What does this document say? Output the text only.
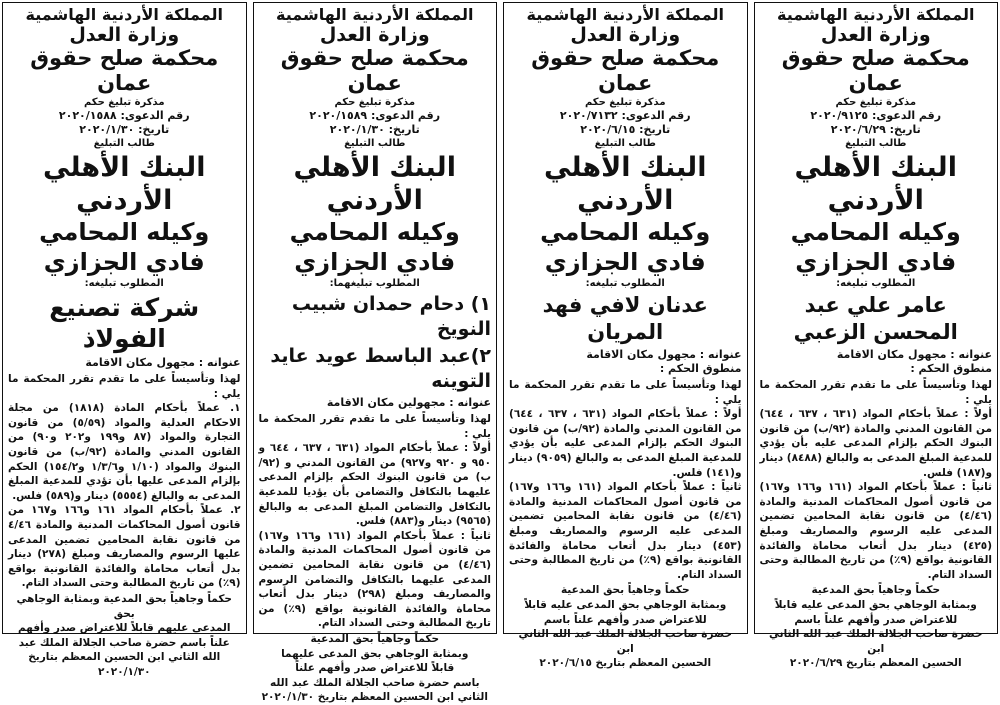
المملكة الأردنية الهاشمية

وزارة العدل

محكمة صلح حقوق عمان

مذكرة تبليغ حكم

رقم الدعوى: ٢٠٢٠/٩١٢٥

تاريخ: ٢٠٢٠/٦/٢٩

طالب التبليغ

البنك الأهلي الأردني

وكيله المحامي فادي الجزازي

المطلوب تبليغه:

عامر علي عبد المحسن الزعبي

عنوانه : مجهول مكان الاقامة

منطوق الحكم :

لهذا وتأسيساً على ما تقدم تقرر المحكمة ما يلي :
أولاً : عملاً بأحكام المواد (٦٣١ ، ٦٣٧ ، ٦٤٤) من القانون المدني والمادة (٩٢/ب) من قانون البنوك الحكم بإلزام المدعى عليه بأن يؤدي للمدعية المبلغ المدعى به والبالغ (٨٤٨٨) دينار و(١٨٧) فلس.
ثانياً : عملاً بأحكام المواد (١٦١ و١٦٦ و١٦٧) من قانون أصول المحاكمات المدنية والمادة (٤/٤٦) من قانون نقابة المحامين تضمين المدعى عليه الرسوم والمصاريف ومبلغ (٤٢٥) دينار بدل أتعاب محاماة والفائدة القانونية بواقع (٩٪) من تاريخ المطالبة وحتى السداد التام.

حكماً وجاهياً بحق المدعية
وبمثابة الوجاهي بحق المدعى عليه قابلاً
للاعتراض صدر وأفهم علناً باسم
حضرة صاحب الجلالة الملك عبد الله الثاني ابن
الحسين المعظم بتاريخ ٢٠٢٠/٦/٢٩

المملكة الأردنية الهاشمية

وزارة العدل

محكمة صلح حقوق عمان

مذكرة تبليغ حكم

رقم الدعوى: ٢٠٢٠/٧١٣٢

تاريخ: ٢٠٢٠/٦/١٥

طالب التبليغ

البنك الأهلي الأردني

وكيله المحامي فادي الجزازي

المطلوب تبليغه:

عدنان لافي فهد المريان

عنوانه : مجهول مكان الاقامة

منطوق الحكم :

لهذا وتأسيساً على ما تقدم تقرر المحكمة ما يلي :
أولاً : عملاً بأحكام المواد (٦٣١ ، ٦٣٧ ، ٦٤٤) من القانون المدني والمادة (٩٢/ب) من قانون البنوك الحكم بإلزام المدعى عليه بأن يؤدي للمدعية المبلغ المدعى به والبالغ (٩٠٥٩) دينار و(١٤١) فلس.
ثانياً : عملاً بأحكام المواد (١٦١ و١٦٦ و١٦٧) من قانون أصول المحاكمات المدنية والمادة (٤/٤٦) من قانون نقابة المحامين تضمين المدعى عليه الرسوم والمصاريف ومبلغ (٤٥٣) دينار بدل أتعاب محاماة والفائدة القانونية بواقع (٩٪) من تاريخ المطالبة وحتى السداد التام.

حكماً وجاهياً بحق المدعية
وبمثابة الوجاهي بحق المدعى عليه قابلاً
للاعتراض صدر وأفهم علناً باسم
حضرة صاحب الجلالة الملك عبد الله الثاني ابن
الحسين المعظم بتاريخ ٢٠٢٠/٦/١٥

المملكة الأردنية الهاشمية

وزارة العدل

محكمة صلح حقوق عمان

مذكرة تبليغ حكم

رقم الدعوى: ٢٠٢٠/١٥٨٩

تاريخ: ٢٠٢٠/١/٣٠

طالب التبليغ

البنك الأهلي الأردني

وكيله المحامي فادي الجزازي

المطلوب تبليغهما:

١) دحام حمدان شبيب النويخ

٢)عبد الباسط عويد عايد التوينه

عنوانه : مجهولين مكان الاقامة

لهذا وتأسيساً على ما تقدم تقرر المحكمة ما يلي :
أولاً : عملاً بأحكام المواد (٦٣١ ، ٦٣٧ ، ٦٤٤ و ٩٥٠ و ٩٢٠ و٩٢٧) من القانون المدني و (٩٢/ب) من قانون البنوك الحكم بإلزام المدعى عليهما بالتكافل والتضامن بأن يؤديا للمدعية بالتكافل والتضامن المبلغ المدعى به والبالغ (٩٥٦٥) دينار و(٨٨٣) فلس.
ثانياً : عملاً بأحكام المواد (١٦١ و١٦٦ و١٦٧) من قانون أصول المحاكمات المدنية والمادة (٤/٤٦) من قانون نقابة المحامين تضمين المدعى عليهما بالتكافل والتضامن الرسوم والمصاريف ومبلغ (٢٩٨) دينار بدل أتعاب محاماة والفائدة القانونية بواقع (٩٪) من تاريخ المطالبة وحتى السداد التام.

حكماً وجاهياً بحق المدعية
وبمثابة الوجاهي بحق المدعى عليهما
قابلاً للاعتراض صدر وأفهم علناً
باسم حضرة صاحب الجلالة الملك عبد الله
الثاني ابن الحسين المعظم بتاريخ ٢٠٢٠/١/٣٠

المملكة الأردنية الهاشمية

وزارة العدل

محكمة صلح حقوق عمان

مذكرة تبليغ حكم

رقم الدعوى: ٢٠٢٠/١٥٨٨

تاريخ: ٢٠٢٠/١/٣٠

طالب التبليغ

البنك الأهلي الأردني

وكيله المحامي فادي الجزازي

المطلوب تبليغه:

شركة تصنيع الفولاذ

عنوانه : مجهول مكان الاقامة

لهذا وتأسيساً على ما تقدم تقرر المحكمة ما يلي :
١. عملاً بأحكام المادة (١٨١٨) من مجلة الاحكام العدلية والمواد (٥/٥٩) من قانون التجارة والمواد (٨٧ و١٩٩ و٢٠٢ و٩٠) من القانون المدني والمادة (٩٢/ب) من قانون البنوك والمواد (١/١٠ و١/٣/٦ و١٥٤/٢) الحكم بإلزام المدعى عليها بأن تؤدي للمدعية المبلغ المدعى به والبالغ (٥٥٥٤) دينار و(٥٨٩) فلس.
٢. عملاً بأحكام المواد ١٦١ و١٦٦ و١٦٧ من قانون أصول المحاكمات المدنية والمادة ٤/٤٦ من قانون نقابة المحامين تضمين المدعى عليها الرسوم والمصاريف ومبلغ (٢٧٨) دينار بدل أتعاب محاماة والفائدة القانونية بواقع (٩٪) من تاريخ المطالبة وحتى السداد التام.

حكماً وجاهياً بحق المدعية وبمثابة الوجاهي بحق
المدعى عليهم قابلاً للاعتراض صدر وأفهم
علناً باسم حضرة صاحب الجلالة الملك عبد
الله الثاني ابن الحسين المعظم بتاريخ ٢٠٢٠/١/٣٠
